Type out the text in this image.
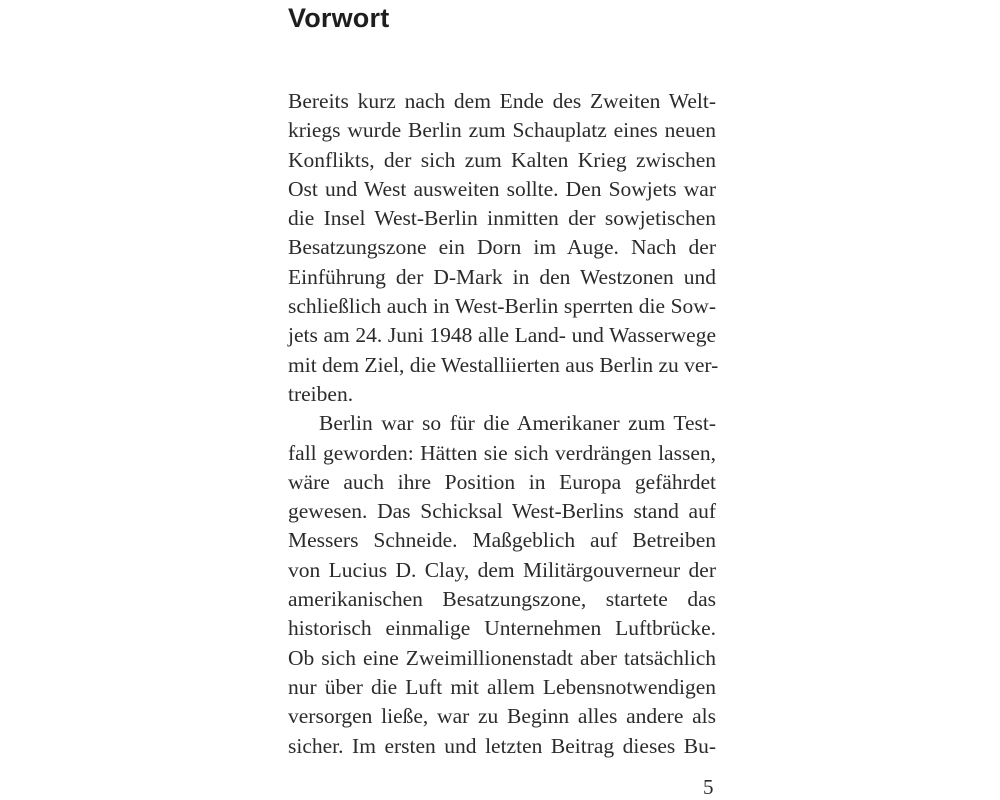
Vorwort
Bereits kurz nach dem Ende des Zweiten Welt-
kriegs wurde Berlin zum Schauplatz eines neuen
Konflikts, der sich zum Kalten Krieg zwischen
Ost und West ausweiten sollte. Den Sowjets war
die Insel West-Berlin inmitten der sowjetischen
Besatzungszone ein Dorn im Auge. Nach der
Einführung der D-Mark in den Westzonen und
schließlich auch in West-Berlin sperrten die Sow-
jets am 24. Juni 1948 alle Land- und Wasserwege
mit dem Ziel, die Westalliierten aus Berlin zu ver-
treiben.
Berlin war so für die Amerikaner zum Test-
fall geworden: Hätten sie sich verdrängen lassen,
wäre auch ihre Position in Europa gefährdet
gewesen. Das Schicksal West-Berlins stand auf
Messers Schneide. Maßgeblich auf Betreiben
von Lucius D. Clay, dem Militärgouverneur der
amerikanischen Besatzungszone, startete das
historisch einmalige Unternehmen Luftbrücke.
Ob sich eine Zweimillionenstadt aber tatsächlich
nur über die Luft mit allem Lebensnotwendigen
versorgen ließe, war zu Beginn alles andere als
sicher. Im ersten und letzten Beitrag dieses Bu-
5
